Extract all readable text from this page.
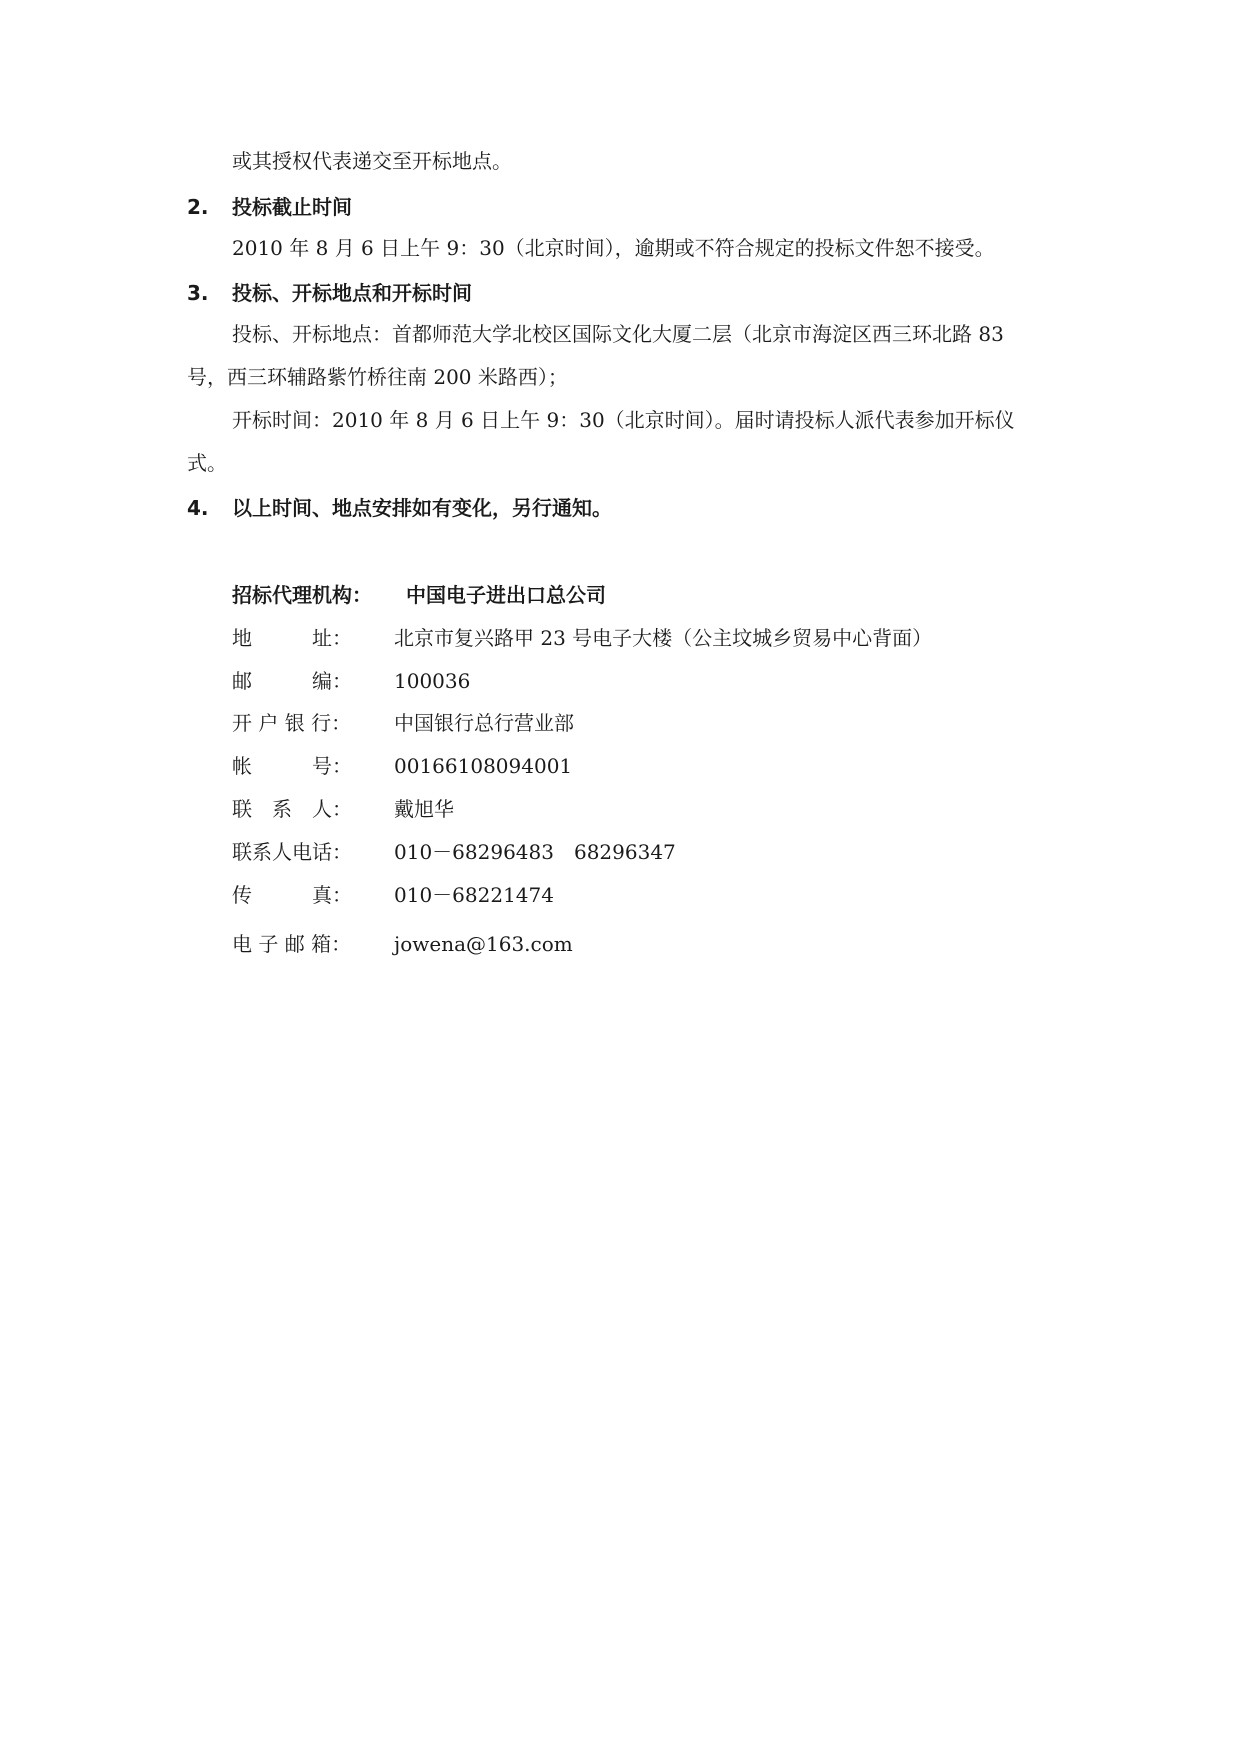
或其授权代表递交至开标地点。
2. 投标截止时间
2010 年 8 月 6 日上午 9：30（北京时间），逾期或不符合规定的投标文件恕不接受。
3. 投标、开标地点和开标时间
投标、开标地点：首都师范大学北校区国际文化大厦二层（北京市海淀区西三环北路 83
号，西三环辅路紫竹桥往南 200 米路西）；
开标时间：2010 年 8 月 6 日上午 9：30（北京时间）。届时请投标人派代表参加开标仪
式。
4. 以上时间、地点安排如有变化，另行通知。
招标代理机构： 中国电子进出口总公司
地　　　址： 北京市复兴路甲 23 号电子大楼（公主坟城乡贸易中心背面）
邮　　　编： 100036
开 户 银 行： 中国银行总行营业部
帐　　　号： 00166108094001
联　系　人： 戴旭华
联系人电话： 010－68296483　68296347
传　　　真： 010－68221474
电 子 邮 箱： jowena@163.com
